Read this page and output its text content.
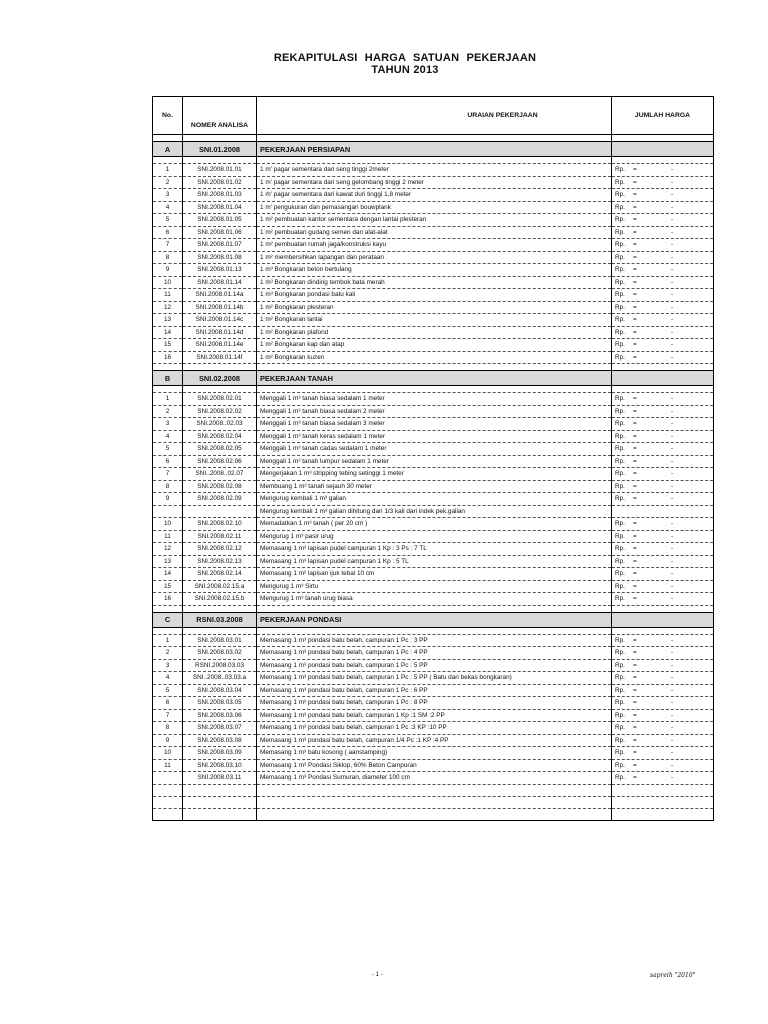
REKAPITULASI HARGA SATUAN PEKERJAAN
TAHUN 2013
No.	NOMER ANALISA	URAIAN PEKERJAAN	JUMLAH HARGA

A	SNI.01.2008	PEKERJAAN PERSIAPAN	

1	SNI.2008.01.01	1 m' pagar sementara dari seng tinggi 2meter	Rp. = -
2	SNI.2008.01.02	1 m' pagar sementara dari seng gelombang tinggi 2 meter	Rp. = -
3	SNI.2008.01.03	1 m' pagar sementara dari kawat duri tinggi 1,8 meter	Rp. = -
4	SNI.2008.01.04	1 m' pengukuran dan pemasangan bouwplank	Rp. = -
5	SNI.2008.01.05	1 m² pembuatan kantor sementara dengan lantai plesteran	Rp. = -
6	SNI.2008.01.06	1 m² pembuatan gudang semen dan alat-alat	Rp. = -
7	SNI.2008.01.07	1 m² pembuatan rumah jaga/konstruksi kayu	Rp. = -
8	SNI.2008.01.08	1 m² membersihkan lapangan dan perataan	Rp. = -
9	SNI.2008.01.13	1 m³ Bongkaran beton bertulang	Rp. = -
10	SNI.2008.01.14	1 m³ Bongkaran dinding tembok bata merah	Rp. = -
11	SNI.2008.01.14a	1 m³ Bongkaran pondasi batu kali	Rp. = -
12	SNI.2008.01.14b	1 m² Bongkaran plesteran	Rp. = -
13	SNI.2008.01.14c	1 m² Bongkaran lantai	Rp. = -
14	SNI.2008.01.14d	1 m² Bongkaran plafond	Rp. = -
15	SNI.2008.01.14e	1 m² Bongkaran kap dan atap	Rp. = -
16	SNI.2008.01.14f	1 m² Bongkaran kuzen	Rp. = -

B	SNI.02.2008	PEKERJAAN TANAH	

1	SNI.2008.02.01	Menggali 1 m³ tanah biasa sedalam 1 meter	Rp. = -
2	SNI.2008.02.02	Menggali 1 m³ tanah biasa sedalam 2 meter	Rp. = -
3	SNI.2008..02.03	Menggali 1 m³ tanah biasa sedalam 3 meter	Rp. = -
4	SNI.2008.02.04	Menggali 1 m³ tanah keras sedalam 1 meter	Rp. = -
5	SNI.2008.02.05	Menggali 1 m³ tanah cadas sedalam 1 meter	Rp. = -
6	SNI.2008.02.06	Menggali 1 m³ tanah lumpur sedalam 1 meter	Rp. = -
7	SNI..2008..02.07	Mengerjakan 1 m³ stripping tebing setinggi 1 meter	Rp. = -
8	SNI.2008.02.08	Membuang 1 m³ tanah sejauh 30 meter	Rp. = -
9	SNI.2008.02.09	Mengurug kembali 1 m³ galian	Rp. = -
		Mengurug kembali 1 m³ galian dihitung dari 1/3 kali dari indek pek.galian	
10	SNI.2008.02.10	Memadatkan 1 m³ tanah ( per 20 cm )	Rp. = -
11	SNI.2008.02.11	Mengurug 1 m³ pasir urug	Rp. = -
12	SNI.2008.02.12	Memasang 1 m³ lapisan pudel campuran 1 Kp : 3 Ps : 7 TL	Rp. = -
13	SNI.2008.02.13	Memasang 1 m³ lapisan pudel campuran 1 Kp : 5 TL	Rp. = -
14	SNI.2008.02.14	Memasang 1 m² lapisan ijuk tebal 10 cm	Rp. = -
15	SNI.2008.02.15.a	Mengurug 1 m³ Sirtu	Rp. = -
16	SNI.2008.02.15.b	Mengurug 1 m³ tanah urug biasa	Rp. = -

C	RSNI.03.2008	PEKERJAAN PONDASI	

1	SNI.2008.03.01	Memasang 1 m³ pondasi batu belah, campuran 1 Pc : 3 PP	Rp. = -
2	SNI.2008.03.02	Memasang 1 m³ pondasi batu belah, campuran 1 Pc : 4 PP	Rp. = -
3	RSNI.2008.03.03	Memasang 1 m³ pondasi batu belah, campuran 1 Pc : 5 PP	Rp. = -
4	SNI..2008..03.03.a	Memasang 1 m³ pondasi batu belah, campuran 1 Pc : 5 PP ( Batu dari bekas bongkaran)	Rp. = -
5	SNI.2008.03.04	Memasang 1 m³ pondasi batu belah, campuran 1 Pc : 6 PP	Rp. = -
6	SNI.2008.03.05	Memasang 1 m³ pondasi batu belah, campuran 1 Pc : 8 PP	Rp. = -
7	SNI.2008.03.06	Memasang 1 m³ pondasi batu belah, campuran 1 Kp :1 SM :2 PP	Rp. = -
8	SNI.2008.03.07	Memasang 1 m³ pondasi batu belah, campuran 1 Pc :3 KP :10 PP	Rp. = -
9	SNI.2008.03.08	Memasang 1 m³ pondasi batu belah, campuran 1/4 Pc :1 KP :4 PP	Rp. = -
10	SNI.2008.03.09	Memasang 1 m³ batu kosong ( aanstamping)	Rp. = -
11	SNI.2008.03.10	Memasang 1 m³ Pondasi Siklop, 60% Beton Campuran	Rp. = -
	SNI.2008.03.11	Memasang 1 m³ Pondasi Sumuran, diameter 100 cm	Rp. = -

- 1 -	sapreih "2010"
